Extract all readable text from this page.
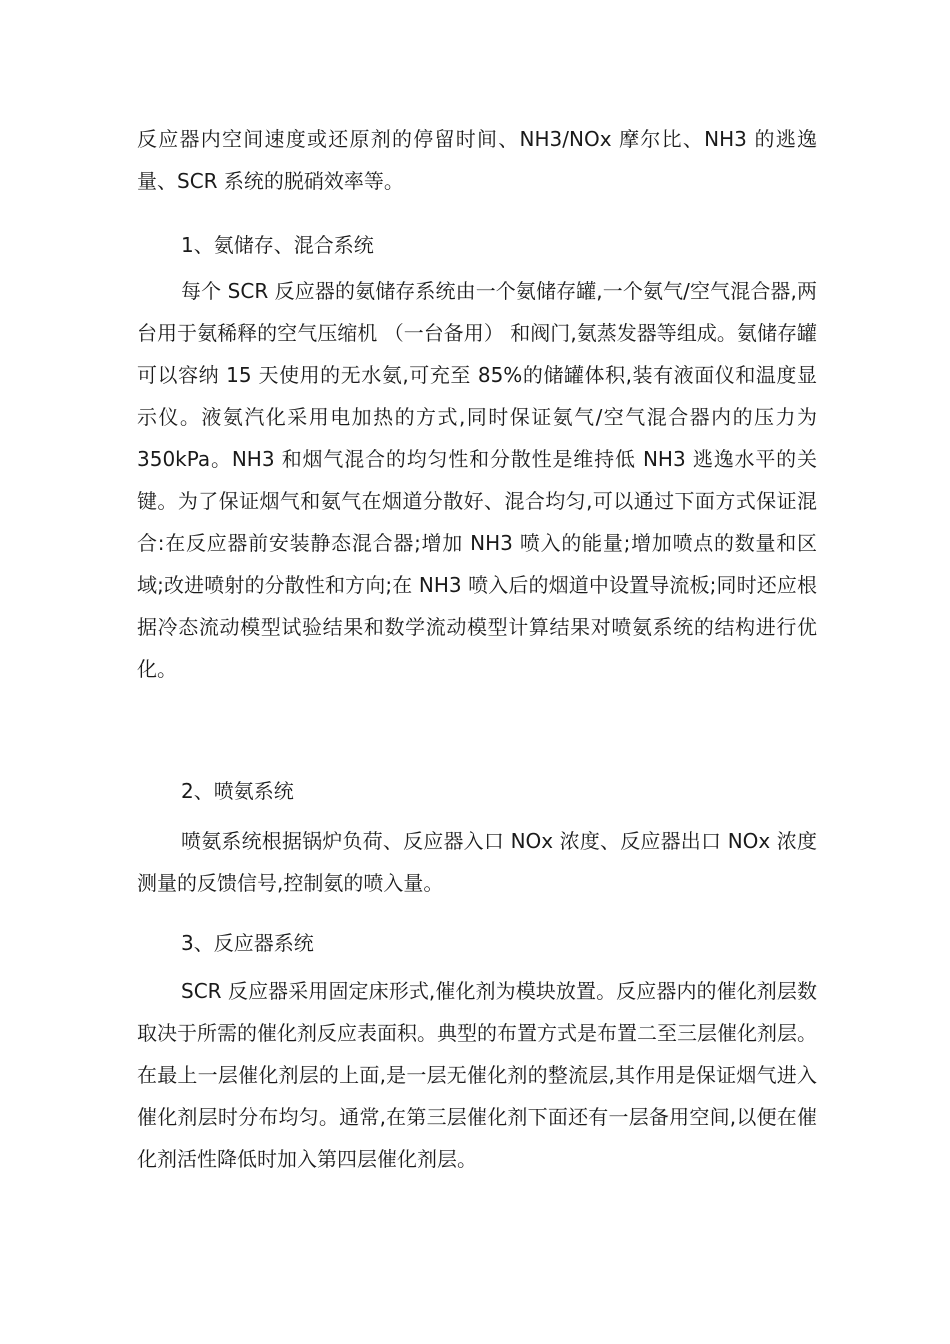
反应器内空间速度或还原剂的停留时间、NH3/NOx 摩尔比、NH3 的逃逸量、SCR 系统的脱硝效率等。

1、氨储存、混合系统

每个 SCR 反应器的氨储存系统由一个氨储存罐,一个氨气/空气混合器,两台用于氨稀释的空气压缩机 （一台备用） 和阀门,氨蒸发器等组成。氨储存罐可以容纳 15 天使用的无水氨,可充至 85%的储罐体积,装有液面仪和温度显示仪。液氨汽化采用电加热的方式,同时保证氨气/空气混合器内的压力为 350kPa。NH3 和烟气混合的均匀性和分散性是维持低 NH3 逃逸水平的关键。为了保证烟气和氨气在烟道分散好、混合均匀,可以通过下面方式保证混合:在反应器前安装静态混合器;增加 NH3 喷入的能量;增加喷点的数量和区域;改进喷射的分散性和方向;在 NH3 喷入后的烟道中设置导流板;同时还应根据冷态流动模型试验结果和数学流动模型计算结果对喷氨系统的结构进行优化。

2、喷氨系统

喷氨系统根据锅炉负荷、反应器入口 NOx 浓度、反应器出口 NOx 浓度测量的反馈信号,控制氨的喷入量。

3、反应器系统

SCR 反应器采用固定床形式,催化剂为模块放置。反应器内的催化剂层数取决于所需的催化剂反应表面积。典型的布置方式是布置二至三层催化剂层。在最上一层催化剂层的上面,是一层无催化剂的整流层,其作用是保证烟气进入催化剂层时分布均匀。通常,在第三层催化剂下面还有一层备用空间,以便在催化剂活性降低时加入第四层催化剂层。
